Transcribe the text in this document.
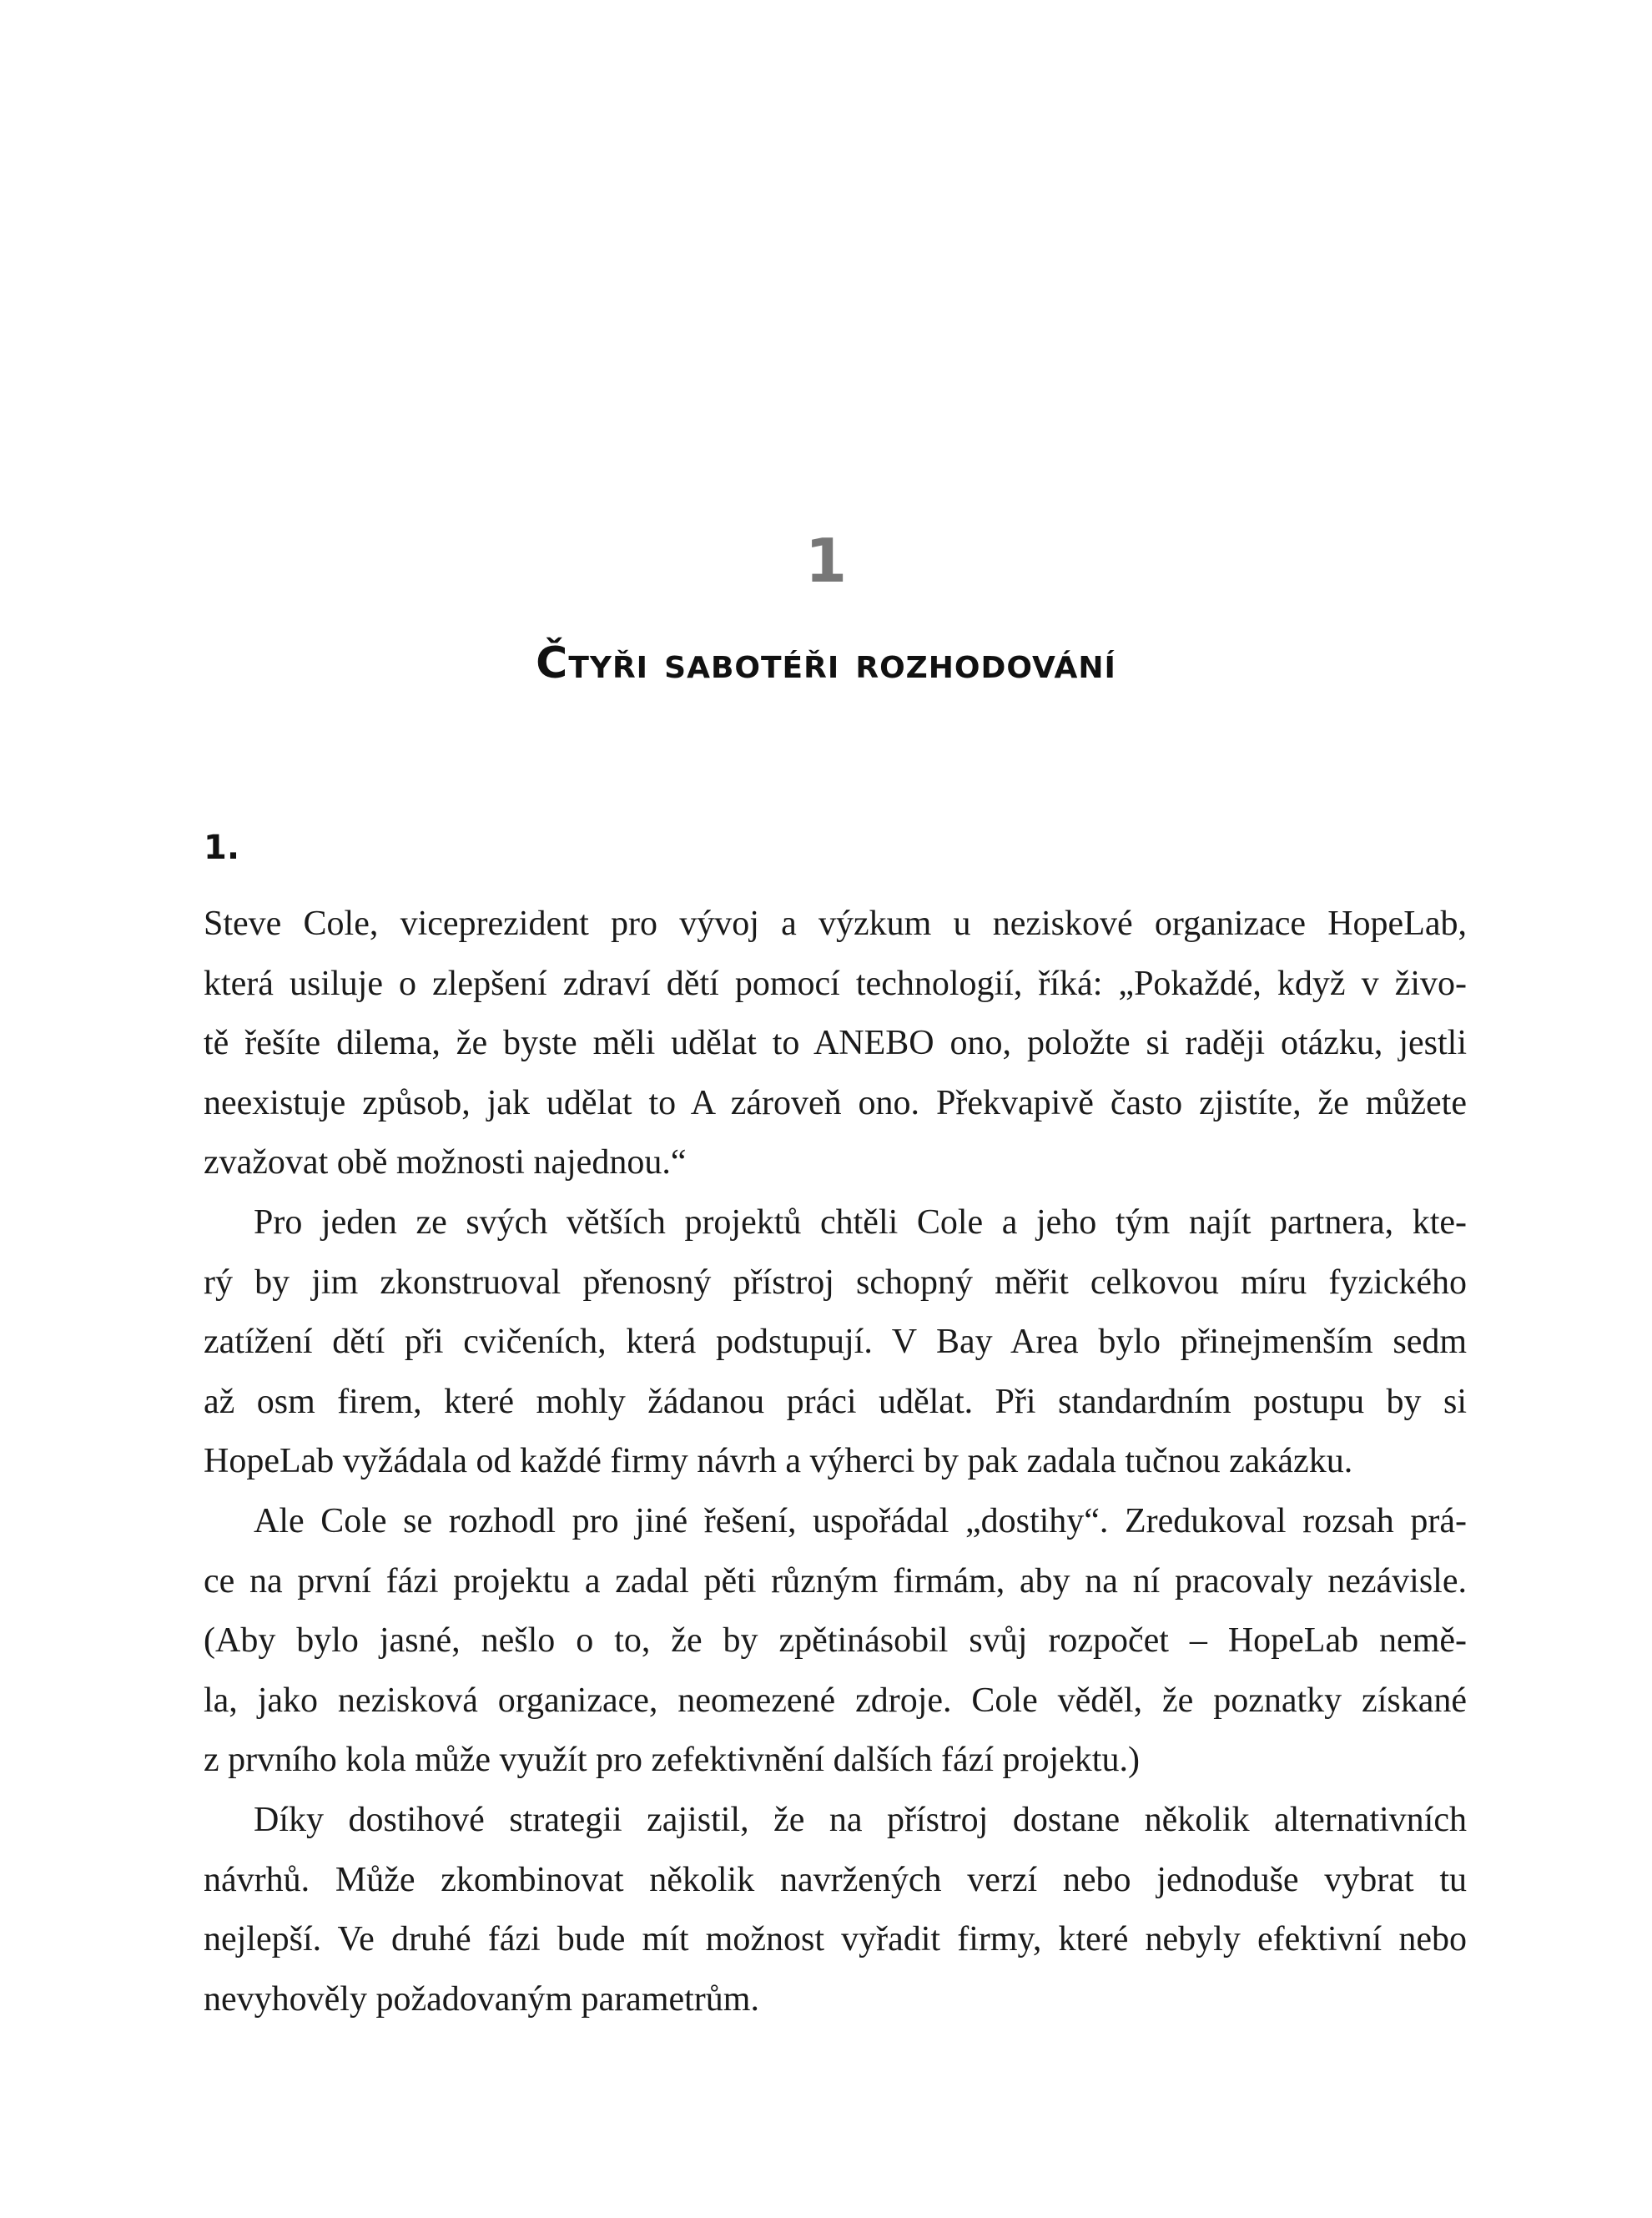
1
Čtyři sabotéři rozhodování
1.
Steve Cole, viceprezident pro vývoj a výzkum u neziskové organizace HopeLab,
která usiluje o zlepšení zdraví dětí pomocí technologií, říká: „Pokaždé, když v živo-
tě řešíte dilema, že byste měli udělat to ANEBO ono, položte si raději otázku, jestli
neexistuje způsob, jak udělat to A zároveň ono. Překvapivě často zjistíte, že můžete
zvažovat obě možnosti najednou.“
Pro jeden ze svých větších projektů chtěli Cole a jeho tým najít partnera, kte-
rý by jim zkonstruoval přenosný přístroj schopný měřit celkovou míru fyzického
zatížení dětí při cvičeních, která podstupují. V Bay Area bylo přinejmenším sedm
až osm firem, které mohly žádanou práci udělat. Při standardním postupu by si
HopeLab vyžádala od každé firmy návrh a výherci by pak zadala tučnou zakázku.
Ale Cole se rozhodl pro jiné řešení, uspořádal „dostihy“. Zredukoval rozsah prá-
ce na první fázi projektu a zadal pěti různým firmám, aby na ní pracovaly nezávisle.
(Aby bylo jasné, nešlo o to, že by zpětinásobil svůj rozpočet – HopeLab nemě-
la, jako nezisková organizace, neomezené zdroje. Cole věděl, že poznatky získané
z prvního kola může využít pro zefektivnění dalších fází projektu.)
Díky dostihové strategii zajistil, že na přístroj dostane několik alternativních
návrhů. Může zkombinovat několik navržených verzí nebo jednoduše vybrat tu
nejlepší. Ve druhé fázi bude mít možnost vyřadit firmy, které nebyly efektivní nebo
nevyhověly požadovaným parametrům.
